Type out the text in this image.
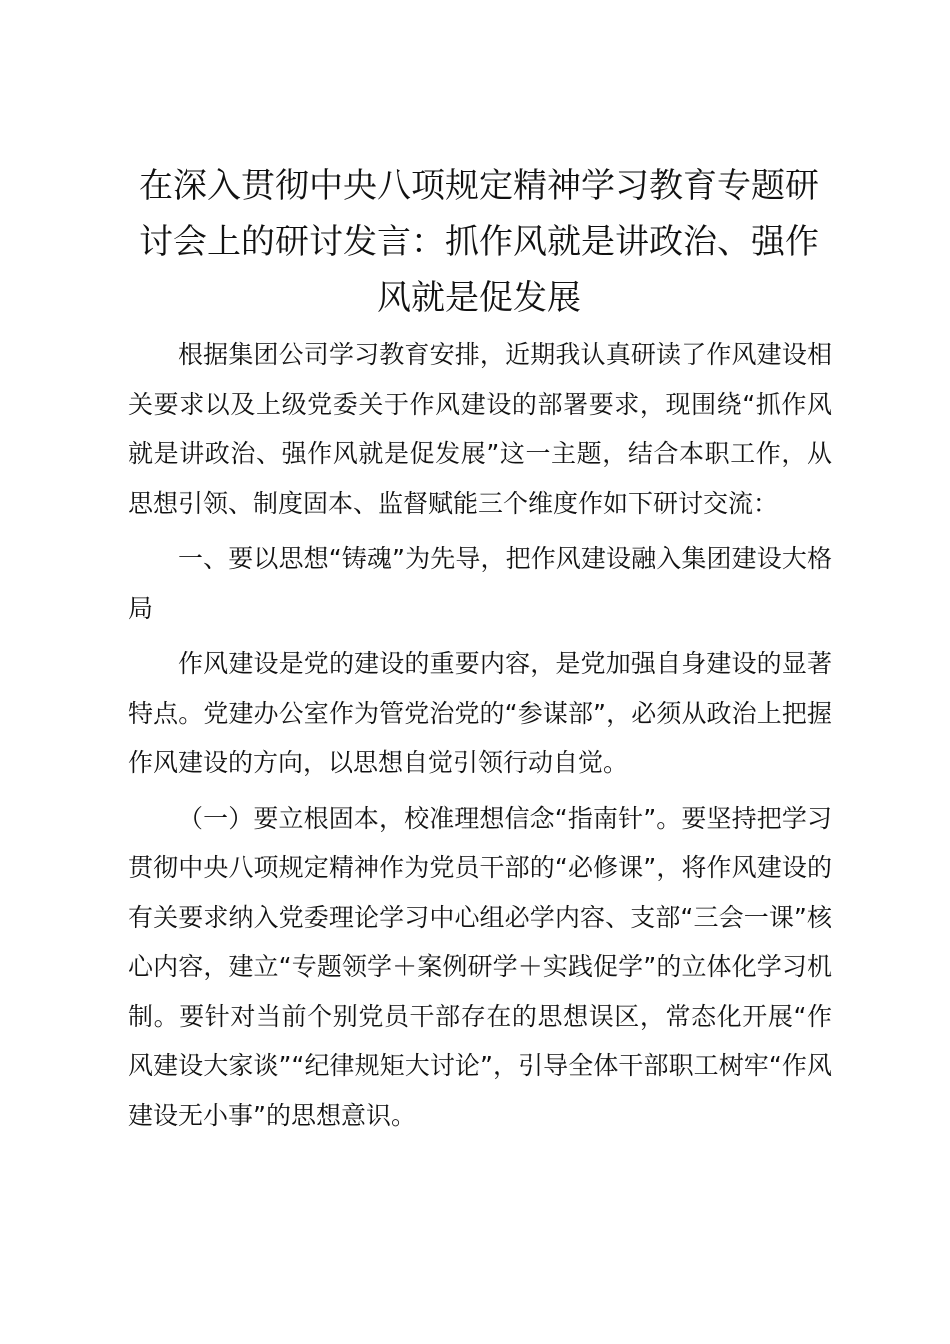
在深入贯彻中央八项规定精神学习教育专题研讨会上的研讨发言：抓作风就是讲政治、强作风就是促发展

根据集团公司学习教育安排，近期我认真研读了作风建设相关要求以及上级党委关于作风建设的部署要求，现围绕“抓作风就是讲政治、强作风就是促发展”这一主题，结合本职工作，从思想引领、制度固本、监督赋能三个维度作如下研讨交流：

一、要以思想“铸魂”为先导，把作风建设融入集团建设大格局

作风建设是党的建设的重要内容，是党加强自身建设的显著特点。党建办公室作为管党治党的“参谋部”，必须从政治上把握作风建设的方向，以思想自觉引领行动自觉。

（一）要立根固本，校准理想信念“指南针”。要坚持把学习贯彻中央八项规定精神作为党员干部的“必修课”，将作风建设的有关要求纳入党委理论学习中心组必学内容、支部“三会一课”核心内容，建立“专题领学＋案例研学＋实践促学”的立体化学习机制。要针对当前个别党员干部存在的思想误区，常态化开展“作风建设大家谈”“纪律规矩大讨论”，引导全体干部职工树牢“作风建设无小事”的思想意识。
